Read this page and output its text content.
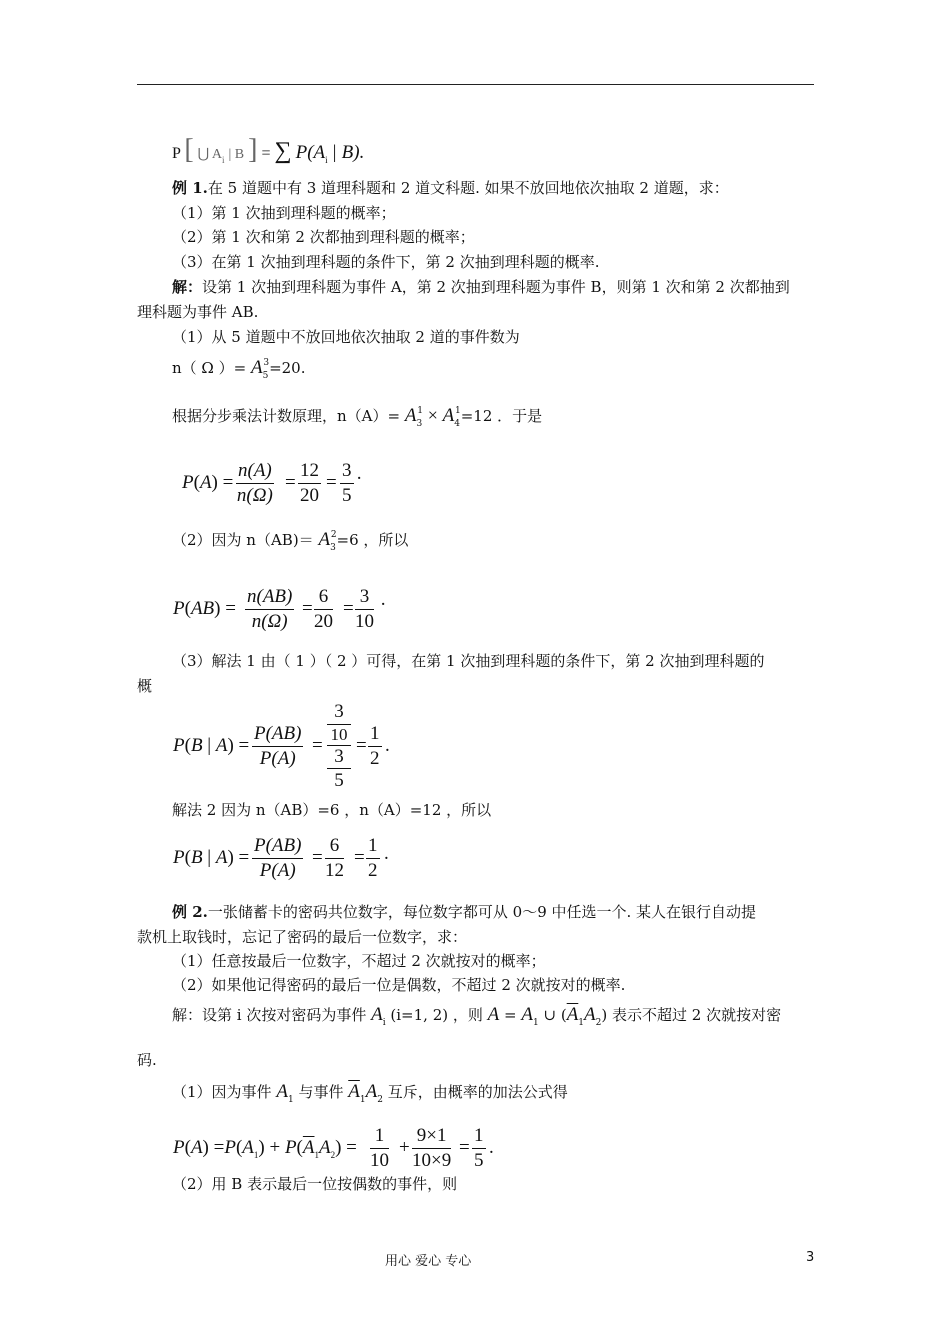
P [ ⋃ $A_i$ | B ] = ∑ $P(A_i$ | B).
例 1.在 5 道题中有 3 道理科题和 2 道文科题. 如果不放回地依次抽取 2 道题，求：
（1）第 1 次抽到理科题的概率；
（2）第 1 次和第 2 次都抽到理科题的概率；
（3）在第 1 次抽到理科题的条件下，第 2 次抽到理科题的概率.
解：设第 1 次抽到理科题为事件 A，第 2 次抽到理科题为事件 B，则第 1 次和第 2 次都抽到
理科题为事件 AB.
（1）从 5 道题中不放回地依次抽取 2 道的事件数为
n（ Ω ）= $A_5^3=20$.
根据分步乘法计数原理，$n(A)= A_3^1 \times A_4^1=12$ ．于是
$P(A) = \frac{n(A)}{n(\Omega)} = \frac{12}{20} = \frac{3}{5}$ ·
（2）因为 $n(AB)= A_3^2=6$ ，所以
$P(AB) = \frac{n(AB)}{n(\Omega)} = \frac{6}{20} = \frac{3}{10}$ ·
（3）解法 1 由（ 1 ）（ 2 ）可得，在第 1 次抽到理科题的条件下，第 2 次抽到理科题的
概
P(B | $A) = \frac{P(AB)}{P(A)}$ =
3
10
3
5
= $\frac{1}{2}$ .
解法 2 因为 n（AB）=6 ，n（A）=12 ，所以
P(B | $A) = \frac{P(AB)}{P(A)} = \frac{6}{12} = \frac{1}{2}$ .
例 2.一张储蓄卡的密码共位数字，每位数字都可从 0～9 中任选一个. 某人在银行自动提
款机上取钱时，忘记了密码的最后一位数字，求：
（1）任意按最后一位数字，不超过 2 次就按对的概率；
（2）如果他记得密码的最后一位是偶数，不超过 2 次就按对的概率.
解：设第 i 次按对密码为事件 $A_i$ (i=1, 2) ，则 $A = A_1$ ∪ $(\overline{A}_1A_2)$ 表示不超过 2 次就按对密
码.
（1）因为事件 $A_1$ 与事件 $\overline{A}_1A_2$ 互斥，由概率的加法公式得
$P(A) =P(A_1) + P(\overline{A}_1A_2) = \frac{1}{10} + \frac{9\times 1}{10\times 9} = \frac{1}{5}$ .
（2）用 B 表示最后一位按偶数的事件，则
用心 爱心 专心	3
